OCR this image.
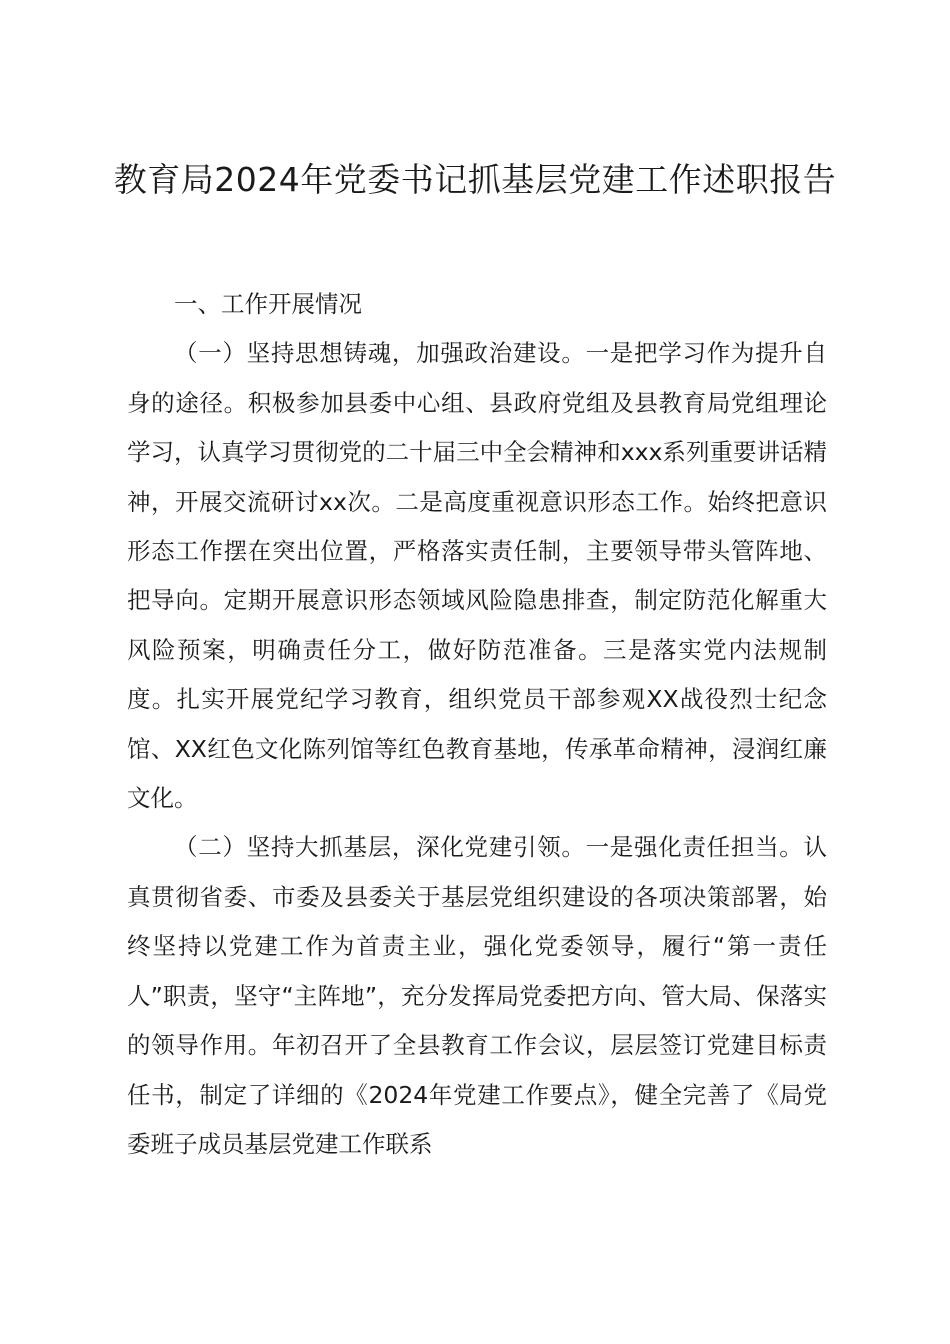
教育局2024年党委书记抓基层党建工作述职报告
一、工作开展情况

（一）坚持思想铸魂，加强政治建设。一是把学习作为提升自身的途径。积极参加县委中心组、县政府党组及县教育局党组理论学习，认真学习贯彻党的二十届三中全会精神和xxx系列重要讲话精神，开展交流研讨xx次。二是高度重视意识形态工作。始终把意识形态工作摆在突出位置，严格落实责任制，主要领导带头管阵地、把导向。定期开展意识形态领域风险隐患排查，制定防范化解重大风险预案，明确责任分工，做好防范准备。三是落实党内法规制度。扎实开展党纪学习教育，组织党员干部参观XX战役烈士纪念馆、XX红色文化陈列馆等红色教育基地，传承革命精神，浸润红廉文化。

（二）坚持大抓基层，深化党建引领。一是强化责任担当。认真贯彻省委、市委及县委关于基层党组织建设的各项决策部署，始终坚持以党建工作为首责主业，强化党委领导，履行“第一责任人”职责，坚守“主阵地”，充分发挥局党委把方向、管大局、保落实的领导作用。年初召开了全县教育工作会议，层层签订党建目标责任书，制定了详细的《2024年党建工作要点》，健全完善了《局党委班子成员基层党建工作联系
